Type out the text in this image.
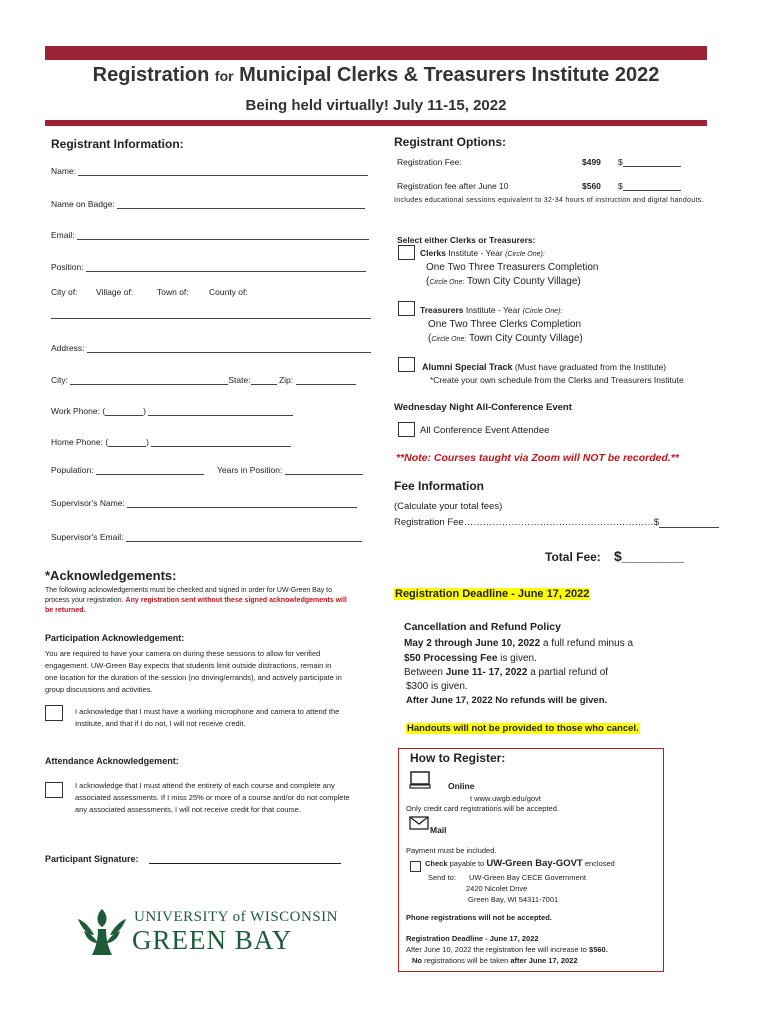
Registration for Municipal Clerks & Treasurers Institute 2022
Being held virtually! July 11-15, 2022
Registrant Information:
Name:
Name on Badge:
Email:
Position:
City of: Village of:	Town of: County of:
Address:
City:	State:	Zip:
Work Phone: (	)
Home Phone: (	)
Population:	Years in Position:
Supervisor's Name:
Supervisor's Email:
Registrant Options:
Registration Fee:	$499 $
Registration fee after June 10	$560 $
Includes educational sessions equivalent to 32-34 hours of instruction and digital handouts.
Select either Clerks or Treasurers:
Clerks Institute - Year (Circle One):
One Two Three Treasurers Completion
(Circle One: Town City County Village)
Treasurers Institute - Year (Circle One):
One Two Three Clerks Completion
(Circle One: Town City County Village)
Alumni Special Track (Must have graduated from the Institute)
*Create your own schedule from the Clerks and Treasurers Institute
Wednesday Night All-Conference Event
All Conference Event Attendee
**Note: Courses taught via Zoom will NOT be recorded.**
Fee Information
(Calculate your total fees)
Registration Fee……………………………………………………$
Total Fee: $________
*Acknowledgements:
The following acknowledgements must be checked and signed in order for UW-Green Bay to process your registration. Any registration sent without these signed acknowledgements will be returned.
Participation Acknowledgement:
You are required to have your camera on during these sessions to allow for verified engagement. UW-Green Bay expects that students limit outside distractions, remain in one location for the duration of the session (no driving/errands), and actively participate in group discussions and activities.
I acknowledge that I must have a working microphone and camera to attend the Institute, and that if I do not, I will not receive credit.
Attendance Acknowledgement:
I acknowledge that I must attend the entirety of each course and complete any associated assessments. If I miss 25% or more of a course and/or do not complete any associated assessments, I will not receive credit for that course.
Participant Signature:
Registration Deadline - June 17, 2022
Cancellation and Refund Policy
May 2 through June 10, 2022 a full refund minus a
$50 Processing Fee is given.
Between June 11- 17, 2022 a partial refund of
$300 is given.
After June 17, 2022 No refunds will be given.
Handouts will not be provided to those who cancel.
How to Register:
Online
t www.uwgb.edu/govt
Only credit card registrations will be accepted.
Mail
Payment must be included.
Check payable to UW-Green Bay-GOVT enclosed
Send to: UW-Green Bay CECE Government
2420 Nicolet Drive
Green Bay, WI 54311-7001
Phone registrations will not be accepted.
Registration Deadline - June 17, 2022
After June 10, 2022 the registration fee will increase to $560.
No registrations will be taken after June 17, 2022
UNIVERSITY of WISCONSIN
GREEN BAY
